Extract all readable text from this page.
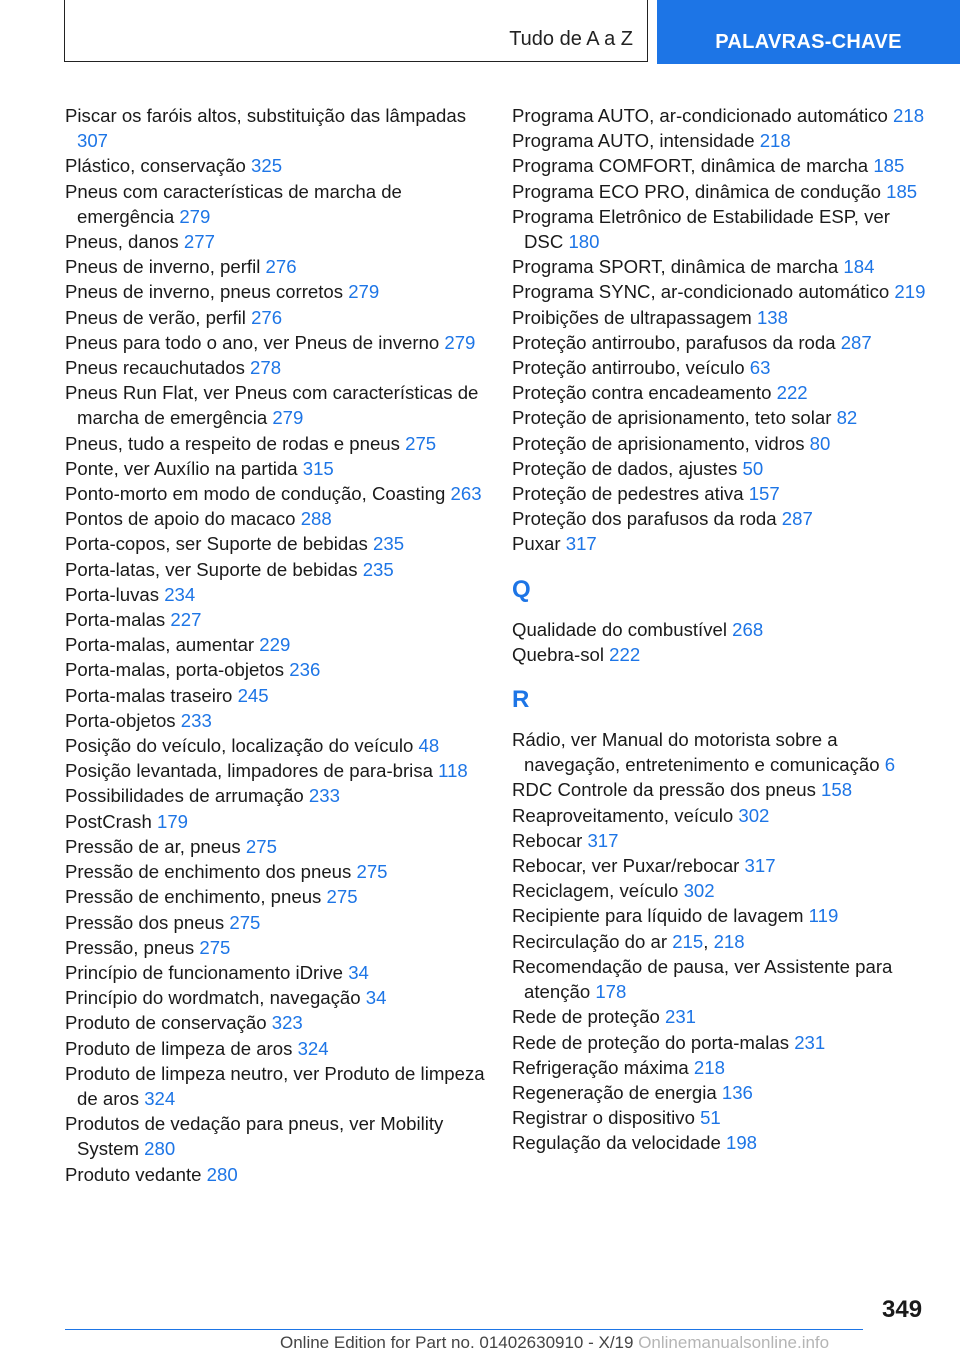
Tudo de A a Z	PALAVRAS-CHAVE
Piscar os faróis altos, substituição das lâmpadas 307
Plástico, conservação 325
Pneus com características de marcha de emergência 279
Pneus, danos 277
Pneus de inverno, perfil 276
Pneus de inverno, pneus corretos 279
Pneus de verão, perfil 276
Pneus para todo o ano, ver Pneus de inverno 279
Pneus recauchutados 278
Pneus Run Flat, ver Pneus com características de marcha de emergência 279
Pneus, tudo a respeito de rodas e pneus 275
Ponte, ver Auxílio na partida 315
Ponto-morto em modo de condução, Coasting 263
Pontos de apoio do macaco 288
Porta-copos, ser Suporte de bebidas 235
Porta-latas, ver Suporte de bebidas 235
Porta-luvas 234
Porta-malas 227
Porta-malas, aumentar 229
Porta-malas, porta-objetos 236
Porta-malas traseiro 245
Porta-objetos 233
Posição do veículo, localização do veículo 48
Posição levantada, limpadores de para-brisa 118
Possibilidades de arrumação 233
PostCrash 179
Pressão de ar, pneus 275
Pressão de enchimento dos pneus 275
Pressão de enchimento, pneus 275
Pressão dos pneus 275
Pressão, pneus 275
Princípio de funcionamento iDrive 34
Princípio do wordmatch, navegação 34
Produto de conservação 323
Produto de limpeza de aros 324
Produto de limpeza neutro, ver Produto de limpeza de aros 324
Produtos de vedação para pneus, ver Mobility System 280
Produto vedante 280
Programa AUTO, ar-condicionado automático 218
Programa AUTO, intensidade 218
Programa COMFORT, dinâmica de marcha 185
Programa ECO PRO, dinâmica de condução 185
Programa Eletrônico de Estabilidade ESP, ver DSC 180
Programa SPORT, dinâmica de marcha 184
Programa SYNC, ar-condicionado automático 219
Proibições de ultrapassagem 138
Proteção antirroubo, parafusos da roda 287
Proteção antirroubo, veículo 63
Proteção contra encadeamento 222
Proteção de aprisionamento, teto solar 82
Proteção de aprisionamento, vidros 80
Proteção de dados, ajustes 50
Proteção de pedestres ativa 157
Proteção dos parafusos da roda 287
Puxar 317
Q
Qualidade do combustível 268
Quebra-sol 222
R
Rádio, ver Manual do motorista sobre a navegação, entretenimento e comunicação 6
RDC Controle da pressão dos pneus 158
Reaproveitamento, veículo 302
Rebocar 317
Rebocar, ver Puxar/rebocar 317
Reciclagem, veículo 302
Recipiente para líquido de lavagem 119
Recirculação do ar 215, 218
Recomendação de pausa, ver Assistente para atenção 178
Rede de proteção 231
Rede de proteção do porta-malas 231
Refrigeração máxima 218
Regeneração de energia 136
Registrar o dispositivo 51
Regulação da velocidade 198
349
Online Edition for Part no. 01402630910 - X/19 Onlinemanualsonline.info
